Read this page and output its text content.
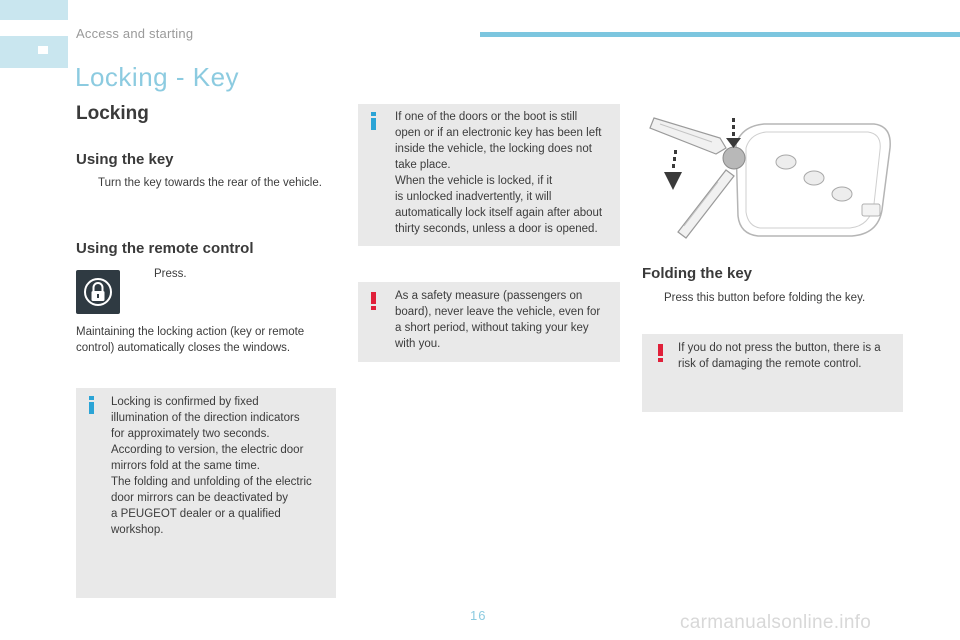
Access and starting
Locking - Key
Locking
Using the key
Turn the key towards the rear of the vehicle.
Using the remote control
Press.
Maintaining the locking action (key or remote control) automatically closes the windows.
Locking is confirmed by fixed
illumination of the direction indicators
for approximately two seconds.
According to version, the electric door
mirrors fold at the same time.
The folding and unfolding of the electric
door mirrors can be deactivated by
a PEUGEOT dealer or a qualified
workshop.
If one of the doors or the boot is still
open or if an electronic key has been left
inside the vehicle, the locking does not
take place.
When the vehicle is locked, if it
is unlocked inadvertently, it will
automatically lock itself again after about
thirty seconds, unless a door is opened.
As a safety measure (passengers on
board), never leave the vehicle, even for
a short period, without taking your key
with you.
Folding the key
Press this button before folding the key.
If you do not press the button, there is a
risk of damaging the remote control.
16	carmanualsonline.info
